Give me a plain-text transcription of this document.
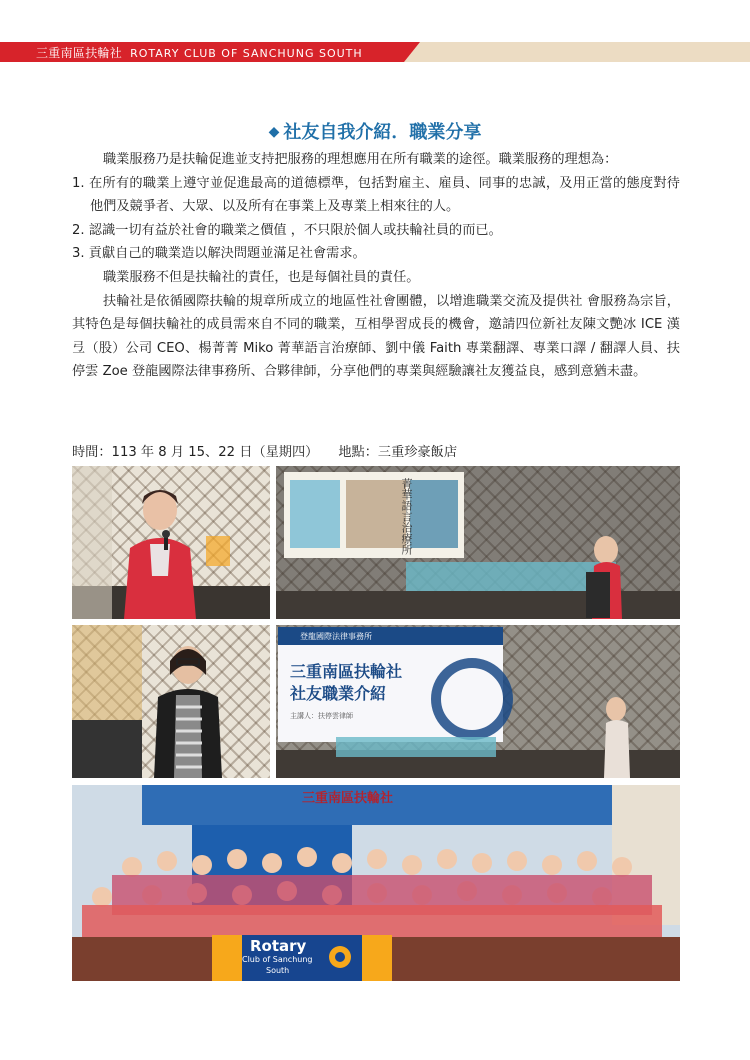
三重南區扶輪社 ROTARY CLUB OF SANCHUNG SOUTH
◆ 社友自我介紹．職業分享

職業服務乃是扶輪促進並支持把服務的理想應用在所有職業的途徑。職業服務的理想為：

1. 在所有的職業上遵守並促進最高的道德標準，包括對雇主、雇員、同事的忠誠，及用正當的態度對待他們及競爭者、大眾、以及所有在事業上及專業上相來往的人。

2. 認識一切有益於社會的職業之價值 ，不只限於個人或扶輪社員的而已。

3. 貢獻自己的職業造以解決問題並滿足社會需求。

職業服務不但是扶輪社的責任，也是每個社員的責任。

扶輪社是依循國際扶輪的規章所成立的地區性社會團體，以增進職業交流及提供社 會服務為宗旨，其特色是每個扶輪社的成員需來自不同的職業，互相學習成長的機會，邀請四位新社友陳文艷冰 ICE 漢弖（股）公司 CEO、楊菁菁 Miko 菁華語言治療師、劉中儀 Faith 專業翻譯、專業口譯 / 翻譯人員、扶停雲 Zoe 登龍國際法律事務所、合夥律師，分享他們的專業與經驗讓社友獲益良，感到意猶未盡。

時間：113 年 8 月 15、22 日（星期四） 地點：三重珍豪飯店
菁華語言治療所
登龍國際法律事務所
三重南區扶輪社
社友職業介紹
主講人：扶停雲律師
三重南區扶輪社
Rotary
Club of Sanchung
South
